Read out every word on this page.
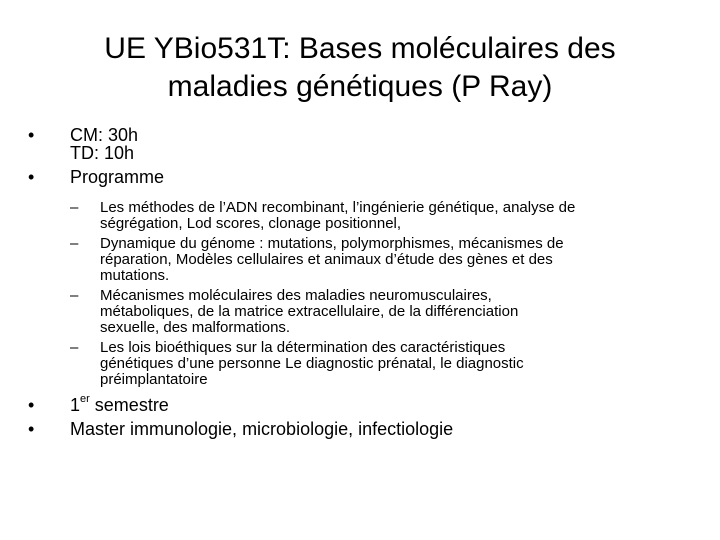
UE YBio531T: Bases moléculaires des
maladies génétiques (P Ray)
•	CM: 30h
TD: 10h
•	Programme
– Les méthodes de l’ADN recombinant, l’ingénierie génétique, analyse de
ségrégation, Lod scores, clonage positionnel,
– Dynamique du génome : mutations, polymorphismes, mécanismes de
réparation, Modèles cellulaires et animaux d’étude des gènes et des
mutations.
– Mécanismes moléculaires des maladies neuromusculaires,
métaboliques, de la matrice extracellulaire, de la différenciation
sexuelle, des malformations.
– Les lois bioéthiques sur la détermination des caractéristiques
génétiques d’une personne Le diagnostic prénatal, le diagnostic
préimplantatoire
•	1er semestre
•	Master immunologie, microbiologie, infectiologie
